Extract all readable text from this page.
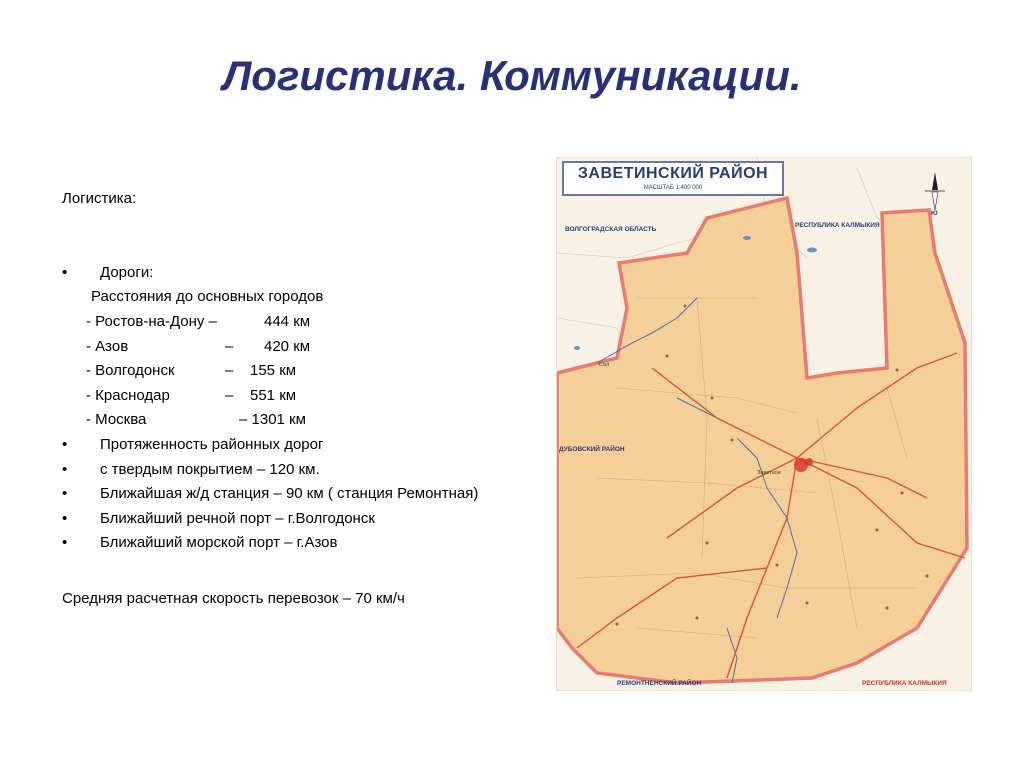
Логистика. Коммуникации.
Логистика:
• Дороги:
Расстояния до основных городов
- Ростов-на-Дону –	444 км
- Азов	– 420 км
- Волгодонск	– 155 км
- Краснодар	– 551 км
- Москва	– 1301 км
• Протяженность районных дорог
• с твердым покрытием – 120 км.
• Ближайшая ж/д станция – 90 км ( станция Ремонтная)
• Ближайший речной порт – г.Волгодонск
• Ближайший морской порт – г.Азов
Средняя расчетная скорость перевозок – 70 км/ч
ЗАВЕТИНСКИЙ РАЙОН
МАСШТАБ 1:400 000
ВОЛГОГРАДСКАЯ ОБЛАСТЬ
РЕСПУБЛИКА КАЛМЫКИЯ
ДУБОВСКИЙ РАЙОН
РЕМОНТНЕНСКИЙ РАЙОН	РЕСПУБЛИКА КАЛМЫКИЯ
Заветное
Ю
Сал
